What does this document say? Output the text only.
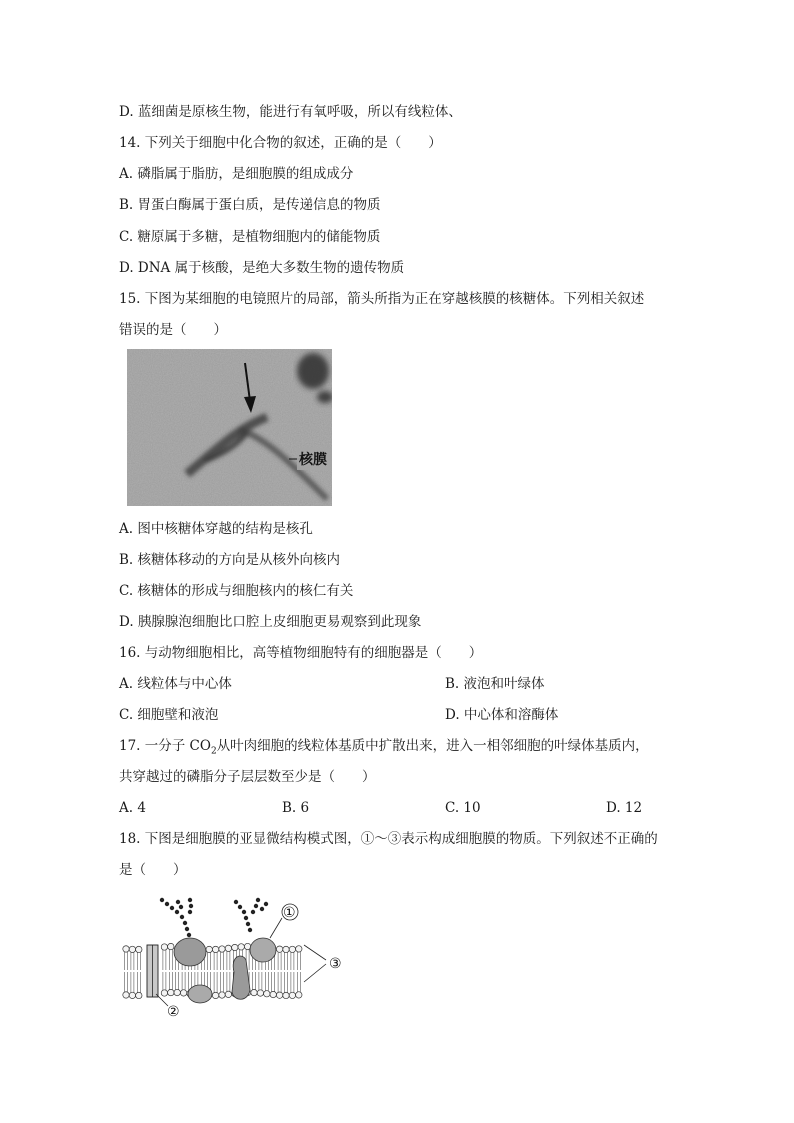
D. 蓝细菌是原核生物，能进行有氧呼吸，所以有线粒体、
14. 下列关于细胞中化合物的叙述，正确的是（　　）
A. 磷脂属于脂肪，是细胞膜的组成成分
B. 胃蛋白酶属于蛋白质，是传递信息的物质
C. 糖原属于多糖，是植物细胞内的储能物质
D. DNA 属于核酸，是绝大多数生物的遗传物质
15. 下图为某细胞的电镜照片的局部，箭头所指为正在穿越核膜的核糖体。下列相关叙述
错误的是（　　）
核膜
A. 图中核糖体穿越的结构是核孔
B. 核糖体移动的方向是从核外向核内
C. 核糖体的形成与细胞核内的核仁有关
D. 胰腺腺泡细胞比口腔上皮细胞更易观察到此现象
16. 与动物细胞相比，高等植物细胞特有的细胞器是（　　）
A. 线粒体与中心体	B. 液泡和叶绿体
C. 细胞壁和液泡	D. 中心体和溶酶体
17. 一分子 $CO_2$从叶肉细胞的线粒体基质中扩散出来，进入一相邻细胞的叶绿体基质内，
共穿越过的磷脂分子层层数至少是（　　）
A. 4	B. 6	C. 10	D. 12
18. 下图是细胞膜的亚显微结构模式图，①～③表示构成细胞膜的物质。下列叙述不正确的
是（　　）
①
③
②
